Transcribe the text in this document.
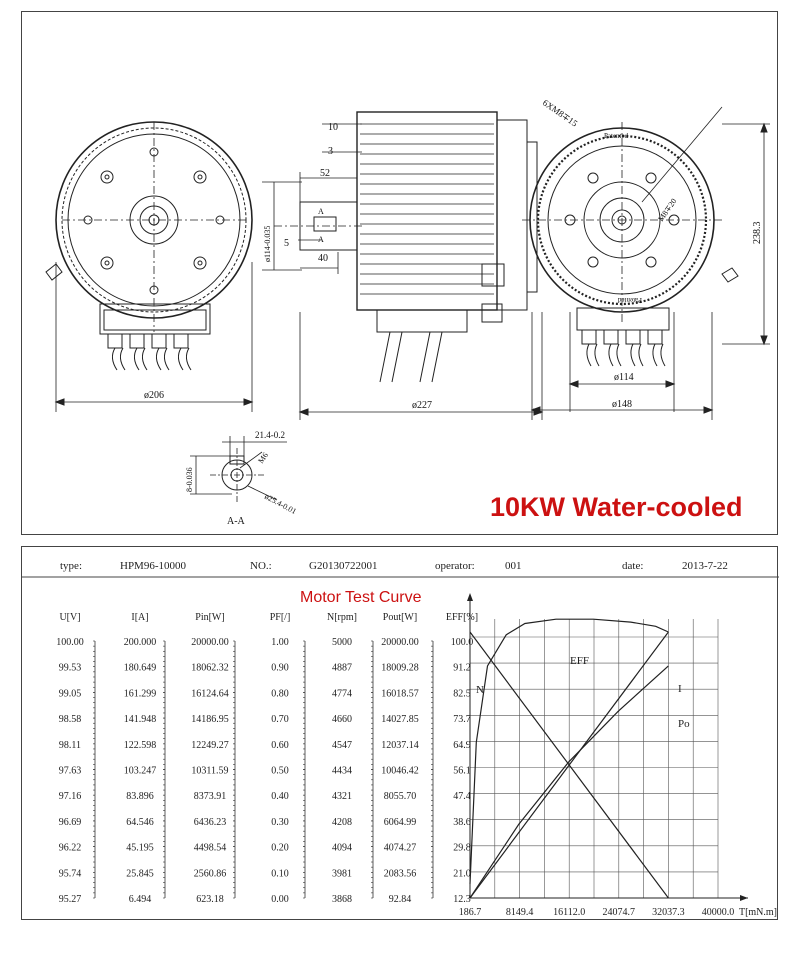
ø206
ø227
ø114
ø148
238.3
ø114-0.035
52
40
5
10
3
A
A
6XM8∓15
M8∓20
Patented
Patented
21.4-0.2
8-0.036
M6
ø25.4-0.01
A-A	10KW Water-cooled
type:	HPM96-10000	NO.:	G20130722001	operator:	001	date:	2013-7-22
Motor Test Curve
U[V]	I[A]	Pin[W]	PF[/]	N[rpm]	Pout[W]	EFF[%]
100.00	200.000	20000.00	1.00	5000	20000.00	100.0
99.53	180.649	18062.32	0.90	4887	18009.28	91.2
99.05	161.299	16124.64	0.80	4774	16018.57	82.5
98.58	141.948	14186.95	0.70	4660	14027.85	73.7
98.11	122.598	12249.27	0.60	4547	12037.14	64.9
97.63	103.247	10311.59	0.50	4434	10046.42	56.1
97.16	83.896	8373.91	0.40	4321	8055.70	47.4
96.69	64.546	6436.23	0.30	4208	6064.99	38.6
96.22	45.195	4498.54	0.20	4094	4074.27	29.8
95.74	25.845	2560.86	0.10	3981	2083.56	21.0
95.27	6.494	623.18	0.00	3868	92.84	12.3
186.7 8149.4 16112.0 24074.7 32037.3 40000.0 T[mN.m]
EFF
I
N
Po
